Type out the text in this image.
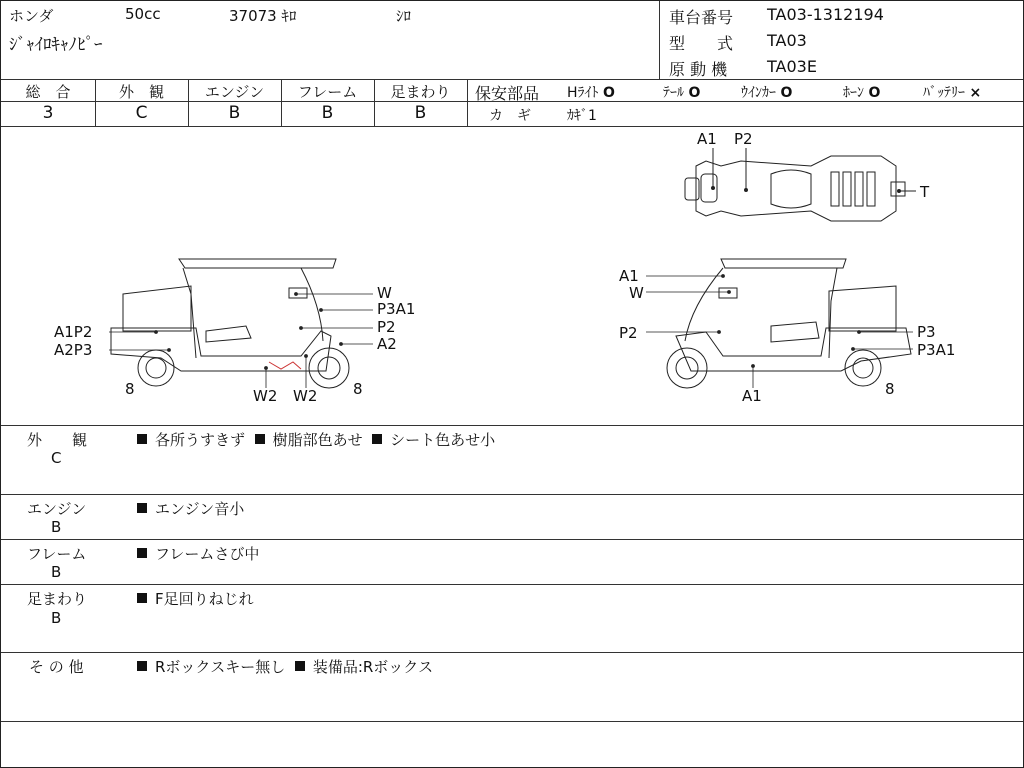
ホンダ	50cc	37073 ｷﾛ	ｼﾛ
ｼﾞｬｲﾛｷｬﾉﾋﾟｰ
車台番号 TA03-1312194
型　　式 TA03
原 動 機 TA03E
総　合	外　観	エンジン	フレーム	足まわり
3	C	B	B	B
保安部品 Hﾗｲﾄ O	ﾃｰﾙ O	ｳｲﾝｶｰ O	ﾎｰﾝ O	ﾊﾞｯﾃﾘｰ ×
カ　ギ	ｶｷﾞ1
A1 P2
T
W
P3A1
P2
A2
A1P2
A2P3
8	W2 W2 8
A1
W
P2	P3
P3A1
A1	8
外　　観
C
各所うすきず 樹脂部色あせ シート色あせ小
エンジン
B
エンジン音小
フレーム
B
フレームさび中
足まわり
B
F足回りねじれ
そ の 他	Rボックスキー無し 装備品:Rボックス
